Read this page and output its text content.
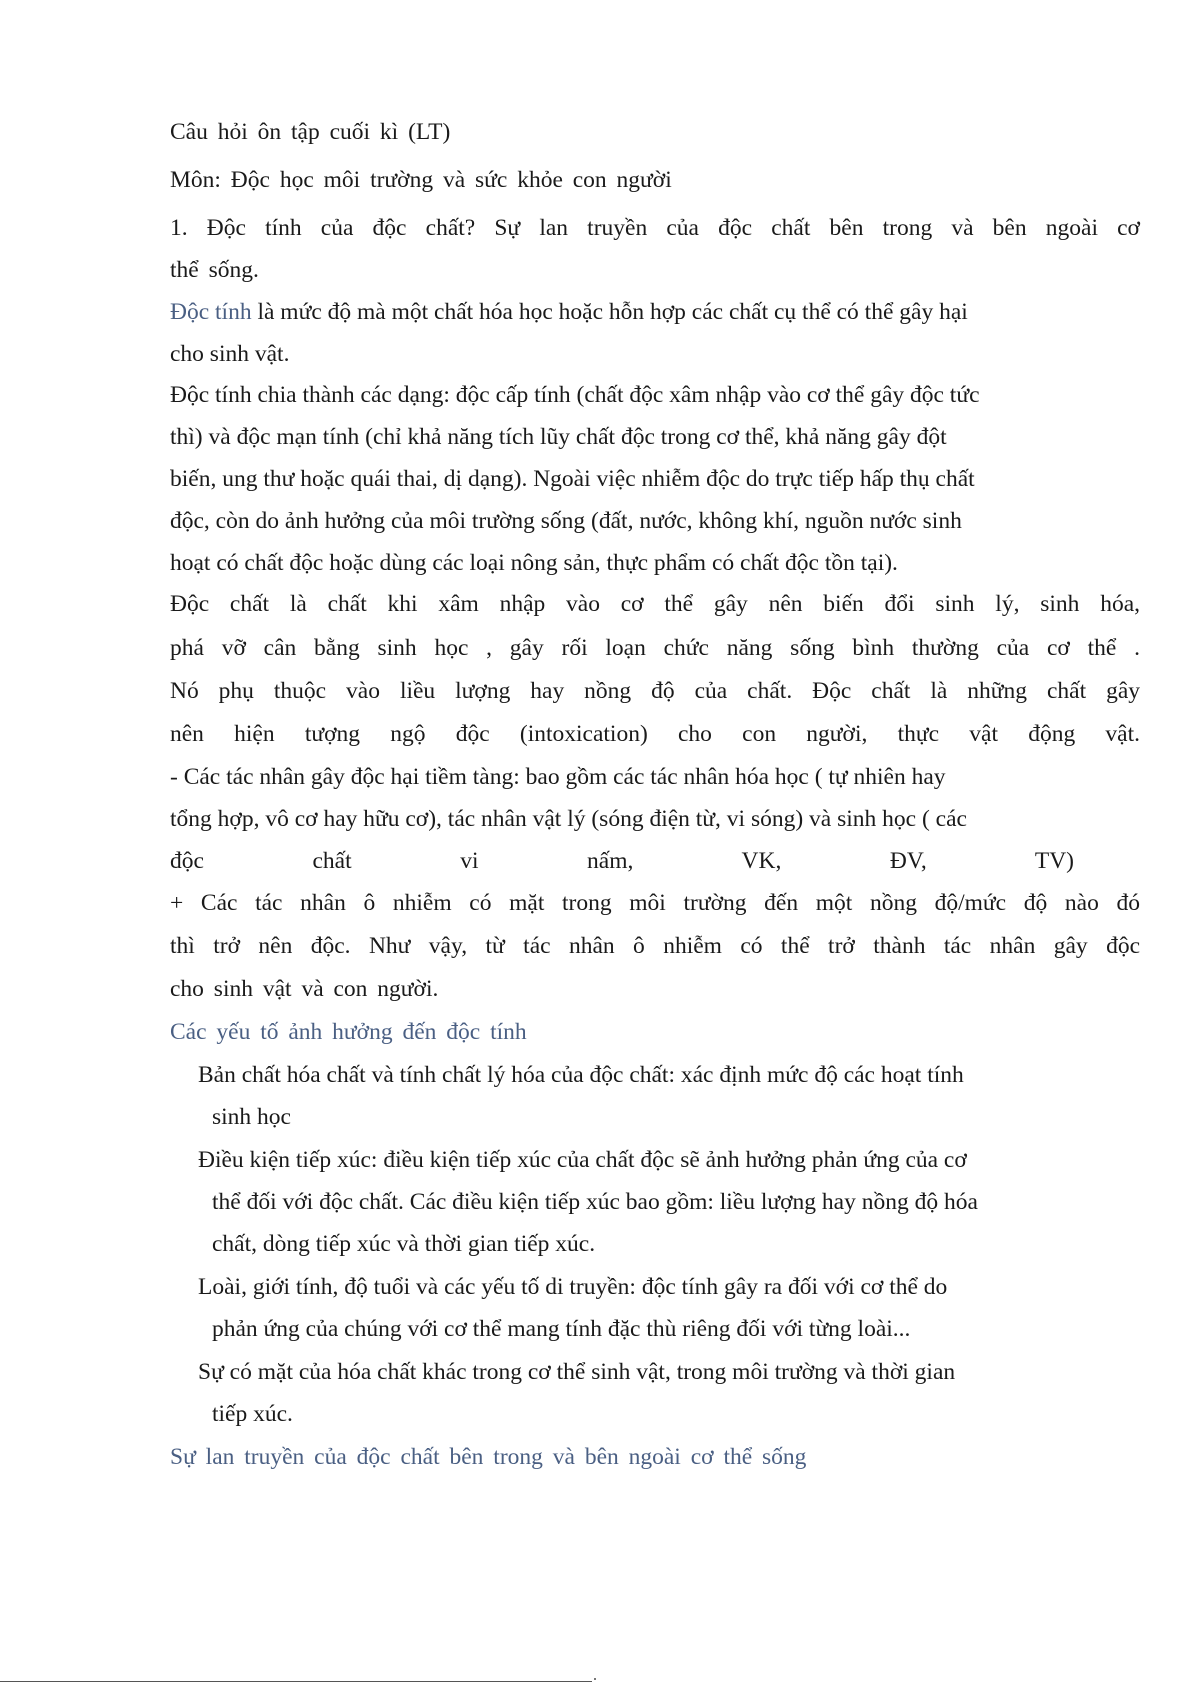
Câu hỏi ôn tập cuối kì (LT)
Môn: Độc học môi trường và sức khỏe con người
1. Độc tính của độc chất? Sự lan truyền của độc chất bên trong và bên ngoài cơ
thể sống.
Độc tính là mức độ mà một chất hóa học hoặc hỗn hợp các chất cụ thể có thể gây hại
cho sinh vật.
Độc tính chia thành các dạng: độc cấp tính (chất độc xâm nhập vào cơ thể gây độc tức
thì) và độc mạn tính (chỉ khả năng tích lũy chất độc trong cơ thể, khả năng gây đột
biến, ung thư hoặc quái thai, dị dạng). Ngoài việc nhiễm độc do trực tiếp hấp thụ chất
độc, còn do ảnh hưởng của môi trường sống (đất, nước, không khí, nguồn nước sinh
hoạt có chất độc hoặc dùng các loại nông sản, thực phẩm có chất độc tồn tại).
Độc chất là chất khi xâm nhập vào cơ thể gây nên biến đổi sinh lý, sinh hóa,
phá vỡ cân bằng sinh học , gây rối loạn chức năng sống bình thường của cơ thể .
Nó phụ thuộc vào liều lượng hay nồng độ của chất. Độc chất là những chất gây
nên hiện tượng ngộ độc (intoxication) cho con người, thực vật động vật.
- Các tác nhân gây độc hại tiềm tàng: bao gồm các tác nhân hóa học ( tự nhiên hay
tổng hợp, vô cơ hay hữu cơ), tác nhân vật lý (sóng điện từ, vi sóng) và sinh học ( các
độc chất vi nấm, VK, ĐV, TV)
+ Các tác nhân ô nhiễm có mặt trong môi trường đến một nồng độ/mức độ nào đó
thì trở nên độc. Như vậy, từ tác nhân ô nhiễm có thể trở thành tác nhân gây độc
cho sinh vật và con người.
Các yếu tố ảnh hưởng đến độc tính
Bản chất hóa chất và tính chất lý hóa của độc chất: xác định mức độ các hoạt tính
sinh học
Điều kiện tiếp xúc: điều kiện tiếp xúc của chất độc sẽ ảnh hưởng phản ứng của cơ
thể đối với độc chất. Các điều kiện tiếp xúc bao gồm: liều lượng hay nồng độ hóa
chất, dòng tiếp xúc và thời gian tiếp xúc.
Loài, giới tính, độ tuổi và các yếu tố di truyền: độc tính gây ra đối với cơ thể do
phản ứng của chúng với cơ thể mang tính đặc thù riêng đối với từng loài...
Sự có mặt của hóa chất khác trong cơ thể sinh vật, trong môi trường và thời gian
tiếp xúc.
Sự lan truyền của độc chất bên trong và bên ngoài cơ thể sống
